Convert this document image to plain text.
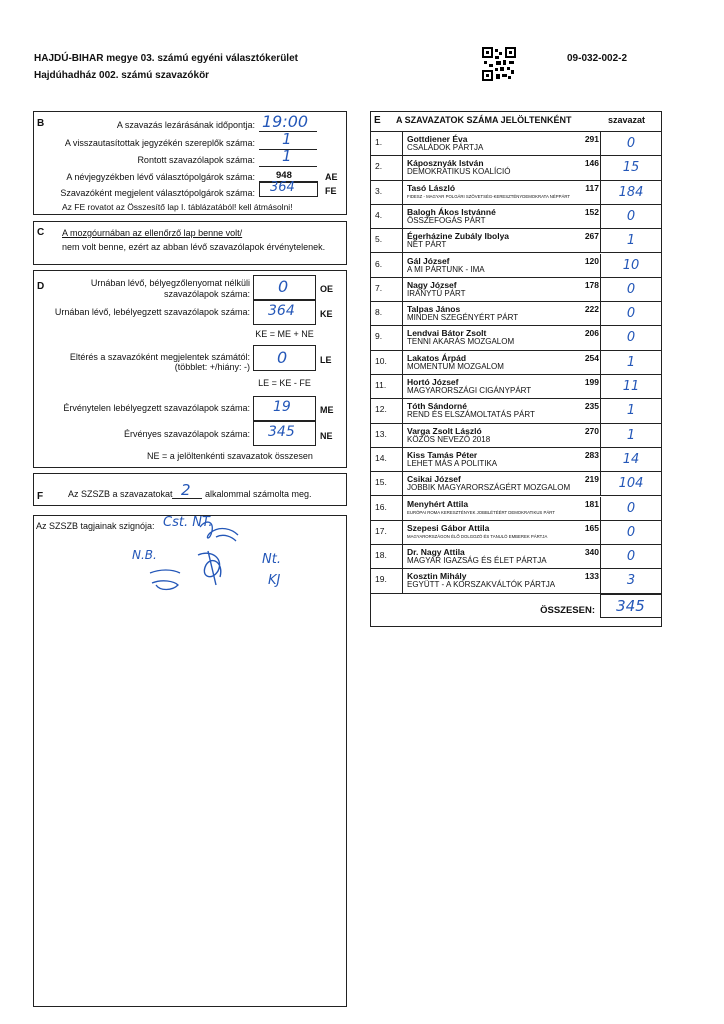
HAJDÚ-BIHAR megye 03. számú egyéni választókerület
Hajdúhadház 002. számú szavazókör
09-032-002-2
B	A szavazás lezárásának időpontja: 19:00
A visszautasítottak jegyzékén szereplők száma: 1
Rontott szavazólapok száma: 1
A névjegyzékben lévő választópolgárok száma: 948	AE
Szavazóként megjelent választópolgárok száma: 364	FE
Az FE rovatot az Összesítő lap I. táblázatából! kell átmásolni!
C A mozgóurnában az ellenőrző lap benne volt/
nem volt benne, ezért az abban lévő szavazólapok érvénytelenek.
D	Urnában lévő, bélyegzőlenyomat nélküli
szavazólapok száma: 0	OE
Urnában lévő, lebélyegzett szavazólapok száma: 364	KE
KE = ME + NE
Eltérés a szavazóként megjelentek számától:
(többlet: +/hiány: -) 0	LE
LE = KE - FE
Érvénytelen lebélyegzett szavazólapok száma: 19	ME
Érvényes szavazólapok száma: 345	NE
NE = a jelöltenkénti szavazatok összesen
F	Az SZSZB a szavazatokat 2 alkalommal számolta meg.
Az SZSZB tagjainak szignója: Cst. NT.
N.B.	Nt.
KJ
E A SZAVAZATOK SZÁMA JELÖLTENKÉNT	szavazat
1.	Gottdiener Éva
CSALÁDOK PÁRTJA
291	0
2.	Káposznyák István
DEMOKRATIKUS KOALÍCIÓ
146	15
3.	Tasó László
FIDESZ - MAGYAR POLGÁRI SZÖVETSÉG-KERESZTÉNYDEMOKRATA NÉPPÁRT
117	184
4.	Balogh Ákos Istvánné
ÖSSZEFOGÁS PÁRT
152	0
5.	Égerházine Zubály Ibolya
NET PÁRT
267	1
6.	Gál József
A MI PÁRTUNK - IMA
120	10
7.	Nagy József
IRÁNYTŰ PÁRT
178	0
8.	Talpas János
MINDEN SZEGÉNYÉRT PÁRT
222	0
9.	Lendvai Bátor Zsolt
TENNI AKARÁS MOZGALOM
206	0
10. Lakatos Árpád
MOMENTUM MOZGALOM
254	1
11. Hortó József
MAGYARORSZÁGI CIGÁNYPÁRT
199	11
12. Tóth Sándorné
REND ÉS ELSZÁMOLTATÁS PÁRT
235	1
13. Varga Zsolt László
KÖZÖS NEVEZŐ 2018
270	1
14. Kiss Tamás Péter
LEHET MÁS A POLITIKA
283	14
15. Csikai József
JOBBIK MAGYARORSZÁGÉRT MOZGALOM
219	104
16. Menyhért Attila
EURÓPAI ROMA KERESZTÉNYEK JOBBLÉTÉÉRT DEMOKRATIKUS PÁRT
181	0
17. Szepesi Gábor Attila
MAGYARORSZÁGON ÉLŐ DOLGOZÓ ÉS TANULÓ EMBEREK PÁRTJA
165	0
18. Dr. Nagy Attila
MAGYAR IGAZSÁG ÉS ÉLET PÁRTJA
340	0
19. Kosztin Mihály
EGYÜTT - A KORSZAKVÁLTÓK PÁRTJA
133	3
ÖSSZESEN:	345
